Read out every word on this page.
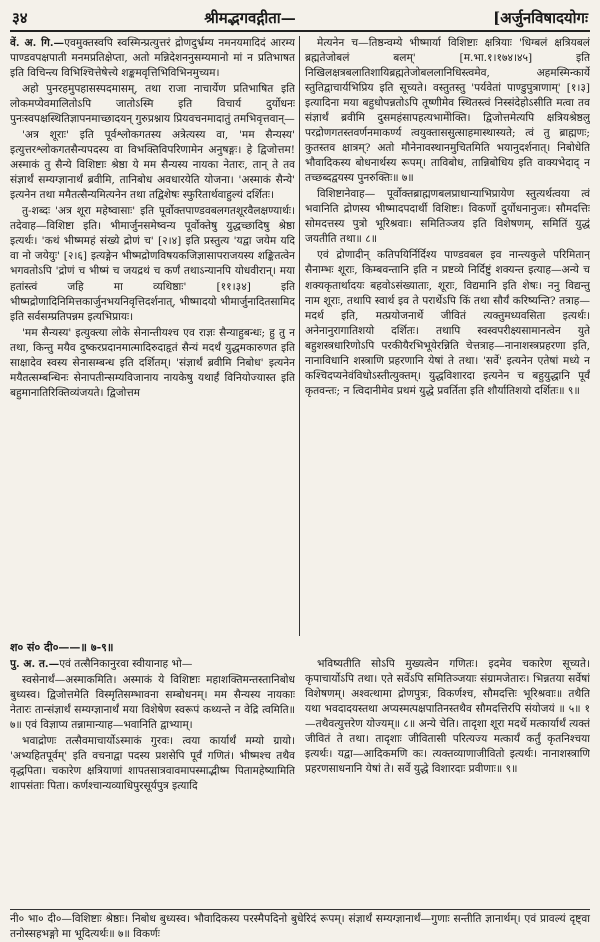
३४	श्रीमद्भगवद्गीता—	[अर्जुनविषादयोगः

वें. अ. गि.—एवमुक्तस्वपि स्वस्मिन्प्रत्युत्तरं द्रोणदुर्भ्रम्य नमनयमादिदं आरम्य पाण्डवपक्षपाती मनमप्रतिक्षेप्ता, अतो मन्निदेशननुसम्यमानो मां न प्रतिभाषत इति विचिन्त्य विभिश्चित्तेषेत्त्ये शङ्कमवृत्तिभिविभिनमुच्यम।

अहो पुनरहमुपहासस्पदमासम्, तथा राजा नाचार्येण प्रतिभाषित इति लोकमप्येवमालितोऽपि जातोऽस्मि इति विचार्य दुर्योधनः पुनःस्वपक्षस्थितिज्ञापनमाच्छादयन् गुरुप्रश्नाय प्रियवचनमादातुं तमभिवृत्तवान्—

'अत्र शूराः' इति पूर्वश्लोकगतस्य अत्रेत्यस्य वा, 'मम सैन्यस्य' इत्युत्तरश्लोकगतसैन्यपदस्य वा विभक्तिविपरिणामेन अनुषङ्गः। हे द्विजोत्तम! अस्माकं तु सैन्ये विशिष्टाः श्रेष्ठा ये मम सैन्यस्य नायका नेतारः, तान् ते तव संज्ञार्थं सम्यग्ज्ञानार्थं ब्रवीमि, तानिबोध अवधारयेति योजना। 'अस्माकं सैन्ये' इत्यनेन तथा ममैतत्सैन्यमित्यनेन तथा तद्विशेषः स्फुरितार्थवाहुल्यं दर्शितः।

तु-शब्दः 'अत्र शूरा महेष्वासाः' इति पूर्वोक्तपाण्डवबलगतशूरवैलक्षण्यार्थः। तदेवाह—विशिष्टा इति। भीमार्जुनसमेष्वन्य पूर्वोक्तेषु युद्धच्छादिषु श्रेष्ठा इत्यर्थः। 'कथं भीष्ममहं संख्ये द्रोणं च' [२।४] इति प्रस्तुत्य 'यद्वा जयेम यदि वा नो जयेयुः' [२।६] इत्यङ्गेन भीष्मद्रोणविषयकजिज्ञासापराजयस्य शङ्कितत्वेन भगवतोऽपि 'द्रोणं च भीष्मं च जयद्रथं च कर्णं तथाऽन्यानपि योधवीरान्। मया हतांस्त्वं जहि मा व्यथिष्ठाः' [११।३४] इति भीष्मद्रोणादिनिमित्तकार्जुनभयनिवृत्तिदर्शनात्, भीष्मादयो भीमार्जुनादितसामिद इति सर्वसम्प्रतिपन्नम इत्यभिप्रायः।

'मम सैन्यस्य' इत्युक्त्या लोके सेनान्तीयश्च एव राज्ञः सैन्याहुबन्धः; हु तु न तथा, किन्तु मयैव दुष्करप्रदानमात्मादिरुदाहृतं सैन्यं मदर्थं युद्धमकारुणत इति साक्षादेव स्वस्य सेनासम्बन्ध इति दर्शितम्। 'संज्ञार्थं ब्रवीमि निबोध' इत्यनेन मयैतत्सम्बन्धिनः सेनापतीन्सम्यविजानाय नायकेषु यथार्हं विनियोज्यास्त इति बहुमानातिरिक्तिव्यंजयते। द्विजोत्तम

मेत्यनेन च—तिष्ठन्वम्ये भीष्मार्या विशिष्टाः क्षत्रियाः 'धिग्बलं क्षत्रियबलं ब्रह्मतेजोबलं बलम्' [म.भा.१।१७४।४५] इति निखिलक्षत्रबलातिशायिब्रह्मतेजोबललानिधिस्त्वमेव, अहमस्मिन्कार्ये स्तुतिद्वाचार्यभिप्रिय इति सूच्यते। वस्तुतस्तु 'पर्यवेतां पाण्डुपुत्राणाम्' [१।३] इत्यादिना मया बहुधोपन्नतोऽपि तूष्णीमेव स्थितस्त्वं निस्संदेहोऽसीति मत्वा तव संज्ञार्थं ब्रवीमि दुसमहंसापहत्यभामेोक्ति। द्विजोत्तमेत्यपि क्षत्रियश्रेष्ठलु परद्रोणगतस्तवर्णनमाकर्ण्य त्वयुक्ताससुत्साहमास्थास्यते; त्वं तु ब्राह्मणः; कुतस्तव क्षात्रम्? अतो मौनेनावस्थानमुचितमिति भयानुदर्शनात्। निबोधेति भौवादिकस्य बोधनार्थस्य रूपम्। ताविबोध, तान्निबोधिय इति वाक्यभेदाद् न तच्छब्दद्वयस्य पुनरुक्तिः॥ ७॥

विशिष्टानेवाह— पूर्वोक्तब्राह्मणबलप्राधान्याभिप्रायेण स्तुत्यर्थत्वया त्वं भवानिति द्रोणस्य भीष्मादपदार्थी विशिष्टः। विकर्णो दुर्योधनानुजः। सौमदत्तिः सोमदत्तस्य पुत्रो भूरिश्रवाः। समितिञ्जय इति विशेषणम्, समितिं युद्धं जयतीति तथा॥ ८॥

एवं द्रोणादीन् कतिपयिर्निर्दिश्य पाण्डवबल इव नान्त्यकुले परिमितान् सैनाम्भः शूराः, किम्बवन्तानि इति न प्रष्टव्ये निर्दिष्टुं शक्यन्त इत्याह—अन्ये च शक्यकृतार्थादयः बहवोऽसंख्याताः, शूराः, विद्यमानि इति शेषः। ननु विद्यन्तु नाम शूराः, तथापि स्वार्थ इव ते परार्थेऽपि किं तथा सौर्यं करिष्यन्ति? तत्राह—मदर्थ इति, मत्प्रयोजनार्थे जीवितं त्यक्तुमध्यवसिता इत्यर्थः। अनेनानुरागातिशयो दर्शितः। तथापि स्वस्वपरीक्ष्यसामानत्वेन युते बहुशस्त्रधारिणोऽपि परकीयैरभिभूयेरन्निति चेत्तत्राह—नानाशस्त्रप्रहरणा इति, नानाविधानि शस्त्राणि प्रहरणानि येषां ते तथा। 'सर्वे' इत्यनेन एतेषां मध्ये न कश्चिदप्यनेवंविधोऽस्तीत्युक्तम्। युद्धविशारदा इत्यनेन च बहुयुद्धानि पूर्वं कृतवन्तः; न त्विदानीमेव प्रथमं युद्धे प्रवर्तिता इति शौर्यातिशयो दर्शितः॥ ९॥

श० सं० दी०——॥ ७-९॥

पु. अ. त.—एवं तत्सैनिकानुरवा स्वीयानाह भो—

स्वसेनार्थं—अस्माकमिति। अस्माकं ये विशिष्टाः महाशक्तिमन्तस्तानिबोध बुध्यस्व। द्विजोत्तमेति विस्मृतिसम्भावना सम्बोधनम्। मम सैन्यस्य नायकाः नेतारः तान्संज्ञार्थं सम्यग्ज्ञानार्थं मया विशेषेण स्वरूपं कथ्यन्ते न वेद्रि त्वमिति॥ ७॥ एवं विज्ञाप्य तन्नामान्याह—भवानिति द्वाभ्याम्।

भवाद्रोणः तत्सैवमाचार्योऽस्माकं गुरवः। त्वया कार्यार्थं मम्यो ग्रायो। 'अभ्यहितपूर्वम्' इति वचनाद्वा पदस्य प्रशसेपि पूर्वं गणितं। भीष्मश्च तथैव वृद्धपिता। चकारेण क्षत्रियाणां शापतसात्रवावमापस्माद्भीष्म पितामहेष्यामिति शापसंताः पिता। कर्णश्चान्यव्याधिपुरसूर्यपुत्र इत्यादि

भविष्यतीति सोऽपि मुख्यत्वेन गणितः। इदमेव चकारेण सूच्यते। कृपाचार्योऽपि तथा। एते सर्वेऽपि समितिञ्जयाः संग्रामजेतारः। भिन्नतया सर्वेषां विशेषणम्। अश्वत्थामा द्रोणपुत्रः, विकर्णश्च, सौमदत्तिः भूरिश्रवाः॥ तथैति यथा भवदादयस्तथा अप्यस्मत्पक्षपातिनस्तथैव सौमदत्तिरपि संयोजयं ॥ ५॥ १—तथैवत्युत्तरेण योज्यम्॥ ८॥ अन्ये चेति। तादृशा शूरा मदर्थे मत्कार्यार्थं त्यक्तं जीवितं ते तथा। तादृशाः जीवितासी परित्यज्य मत्कार्यं कर्तुं कृतनिश्चया इत्यर्थः। यद्वा—आदिकमणि कः। त्यक्तव्याणाजीवितो इत्यर्थः। नानाशस्त्राणि प्रहरणसाधनानि येषां ते। सर्वे युद्धे विशारदाः प्रवीणाः॥ ९॥

नी० भा० दी०—विशिष्टाः श्रेष्ठाः। निबोध बुध्यस्व। भौवादिकस्य परस्मैपदिनो बुधेरिदं रूपम्। संज्ञार्थं सम्यग्ज्ञानार्थं—गुणाः सन्तीति ज्ञानार्थम्। एवं प्रावल्यं दृष्ट्वा तनोस्सहभङ्गो मा भूदित्यर्थः॥ ७॥ विकर्णः
